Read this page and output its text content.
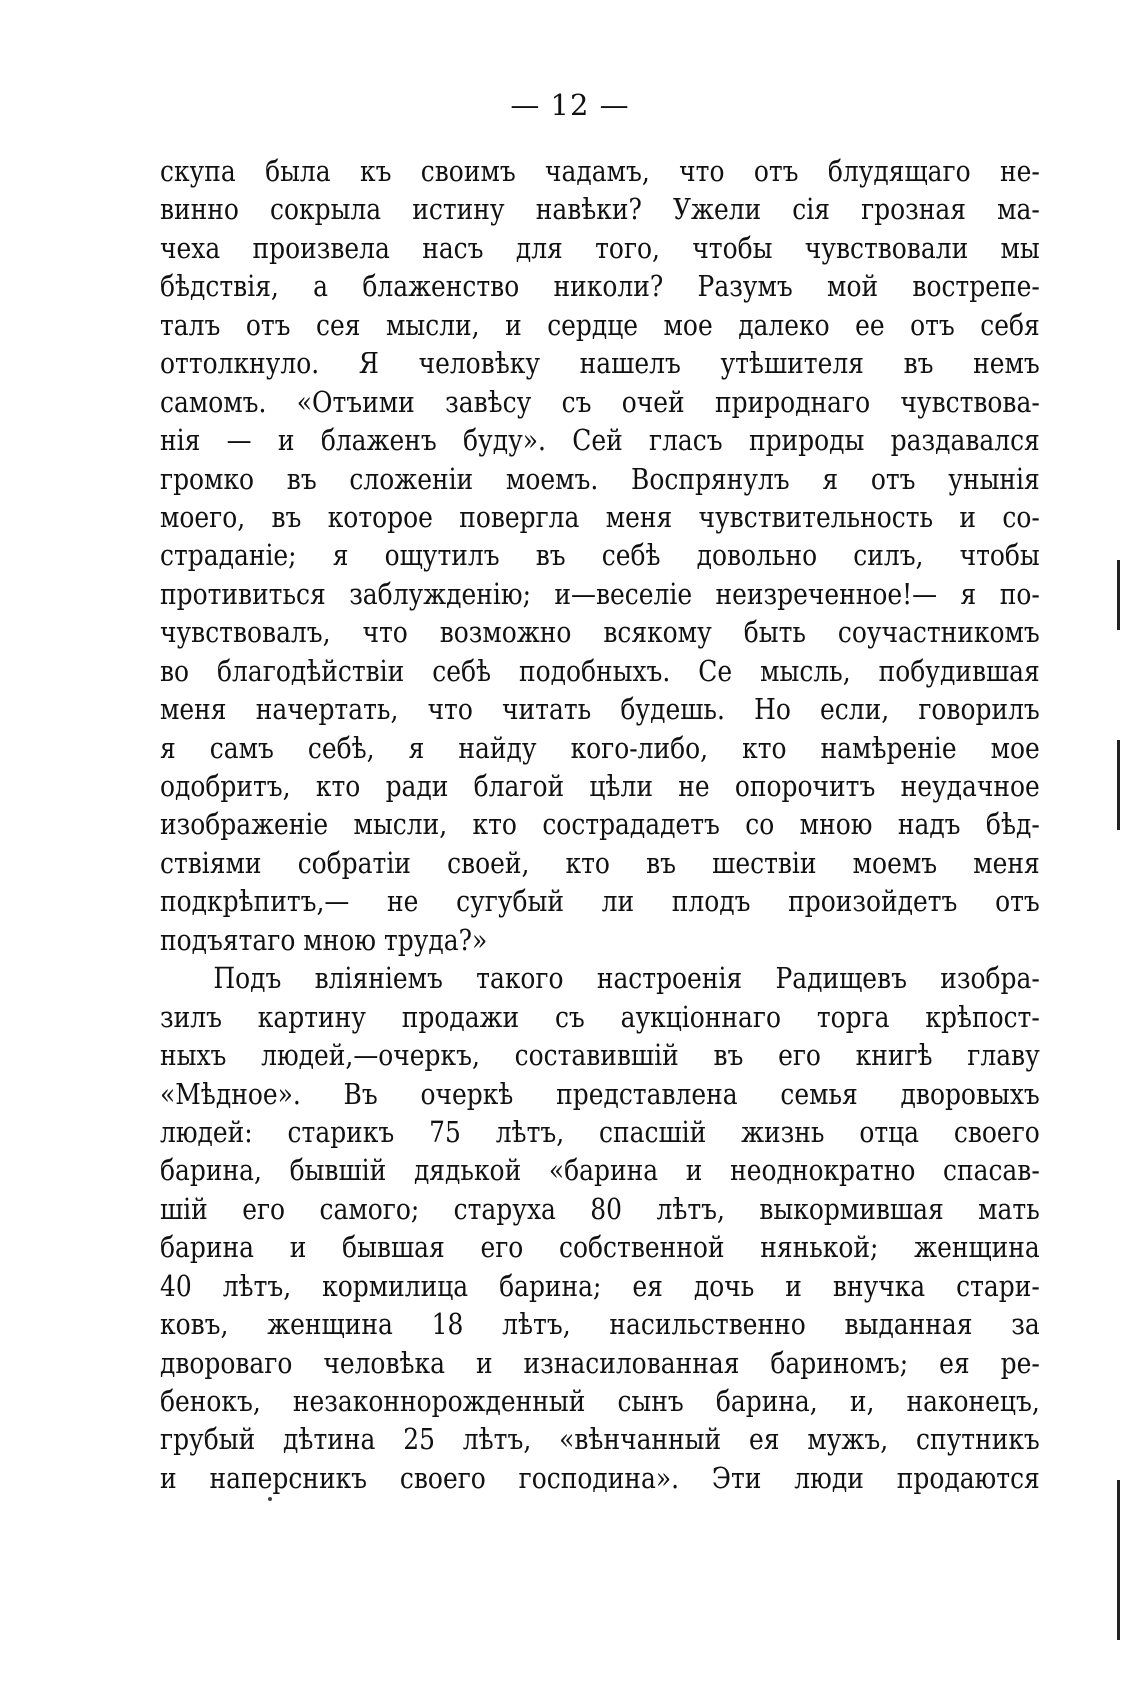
— 12 —
скупа была къ своимъ чадамъ, что отъ блудящаго не-
винно сокрыла истину навѣки? Ужели сія грозная ма-
чеха произвела насъ для того, чтобы чувствовали мы
бѣдствія, а блаженство николи? Разумъ мой вострепе-
талъ отъ сея мысли, и сердце мое далеко ее отъ себя
оттолкнуло. Я человѣку нашелъ утѣшителя въ немъ
самомъ. «Отъими завѣсу съ очей природнаго чувствова-
нія — и блаженъ буду». Сей гласъ природы раздавался
громко въ сложеніи моемъ. Воспрянулъ я отъ унынія
моего, въ которое повергла меня чувствительность и со-
страданіе; я ощутилъ въ себѣ довольно силъ, чтобы
противиться заблужденію; и—веселіе неизреченное!— я по-
чувствовалъ, что возможно всякому быть соучастникомъ
во благодѣйствіи себѣ подобныхъ. Се мысль, побудившая
меня начертать, что читать будешь. Но если, говорилъ
я самъ себѣ, я найду кого-либо, кто намѣреніе мое
одобритъ, кто ради благой цѣли не опорочитъ неудачное
изображеніе мысли, кто сострададетъ со мною надъ бѣд-
ствіями собратіи своей, кто въ шествіи моемъ меня
подкрѣпитъ,— не сугубый ли плодъ произойдетъ отъ
подъятаго мною труда?»
Подъ вліяніемъ такого настроенія Радищевъ изобра-
зилъ картину продажи съ аукціоннаго торга крѣпост-
ныхъ людей,—очеркъ, составившій въ его книгѣ главу
«Мѣдное». Въ очеркѣ представлена семья дворовыхъ
людей: старикъ 75 лѣтъ, спасшій жизнь отца своего
барина, бывшій дядькой «барина и неоднократно спасав-
шій его самого; старуха 80 лѣтъ, выкормившая мать
барина и бывшая его собственной нянькой; женщина
40 лѣтъ, кормилица барина; ея дочь и внучка стари-
ковъ, женщина 18 лѣтъ, насильственно выданная за
двороваго человѣка и изнасилованная бариномъ; ея ре-
бенокъ, незаконнорожденный сынъ барина, и, наконецъ,
грубый дѣтина 25 лѣтъ, «вѣнчанный ея мужъ, спутникъ
и наперсникъ своего господина». Эти люди продаются
